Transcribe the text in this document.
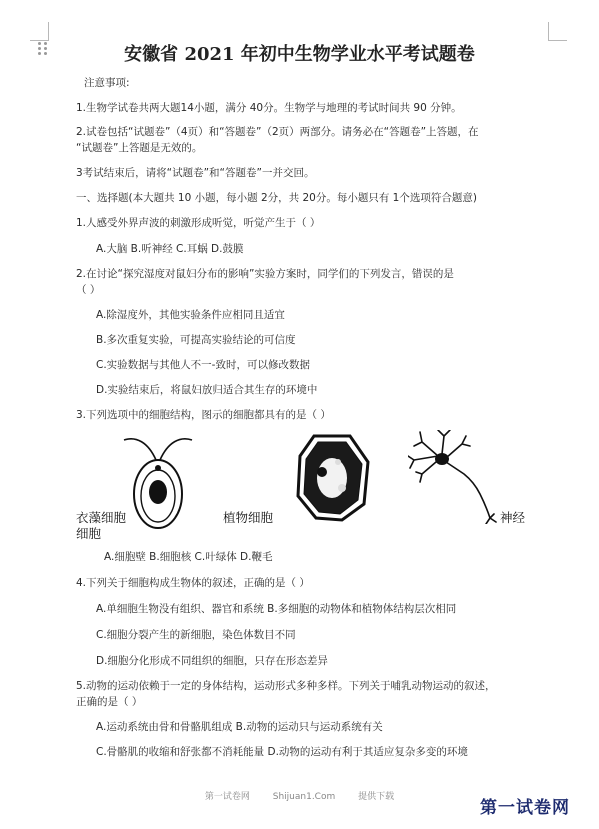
安徽省 2021 年初中生物学业水平考试题卷
注意事项:
1.生物学试卷共两大题14小题，满分 40分。生物学与地理的考试时间共 90 分钟。
2.试卷包括“试题卷”（4页）和“答题卷”（2页）两部分。请务必在“答题卷”上答题，在
“试题卷”上答题是无效的。
3考试结束后，请将“试题卷”和“答题卷”一并交回。
一、选择题(本大题共 10 小题，每小题 2分，共 20分。每小题只有 1个选项符合题意)
1.人感受外界声波的刺激形成听觉，听觉产生于（ ）
A.大脑 B.听神经 C.耳蜗 D.鼓膜
2.在讨论“探究湿度对鼠妇分布的影响”实验方案时，同学们的下列发言，错误的是
（ ）
A.除湿度外，其他实验条件应相同且适宜
B.多次重复实验，可提高实验结论的可信度
C.实验数据与其他人不一-致时，可以修改数据
D.实验结束后，将鼠妇放归适合其生存的环境中
3.下列选项中的细胞结构，图示的细胞都具有的是（ ）
衣藻细胞
细胞
植物细胞	神经
A.细胞壁 B.细胞核 C.叶绿体 D.鞭毛
4.下列关于细胞构成生物体的叙述，正确的是（ ）
A.单细胞生物没有组织、器官和系统 B.多细胞的动物体和植物体结构层次相同
C.细胞分裂产生的新细胞，染色体数目不同
D.细胞分化形成不同组织的细胞，只存在形态差异
5.动物的运动依赖于一定的身体结构，运动形式多种多样。下列关于哺乳动物运动的叙述，
正确的是（ ）
A.运动系统由骨和骨骼肌组成 B.动物的运动只与运动系统有关
C.骨骼肌的收缩和舒张都不消耗能量 D.动物的运动有利于其适应复杂多变的环境
第一试卷网	Shijuan1.Com	提供下载
第一试卷网
